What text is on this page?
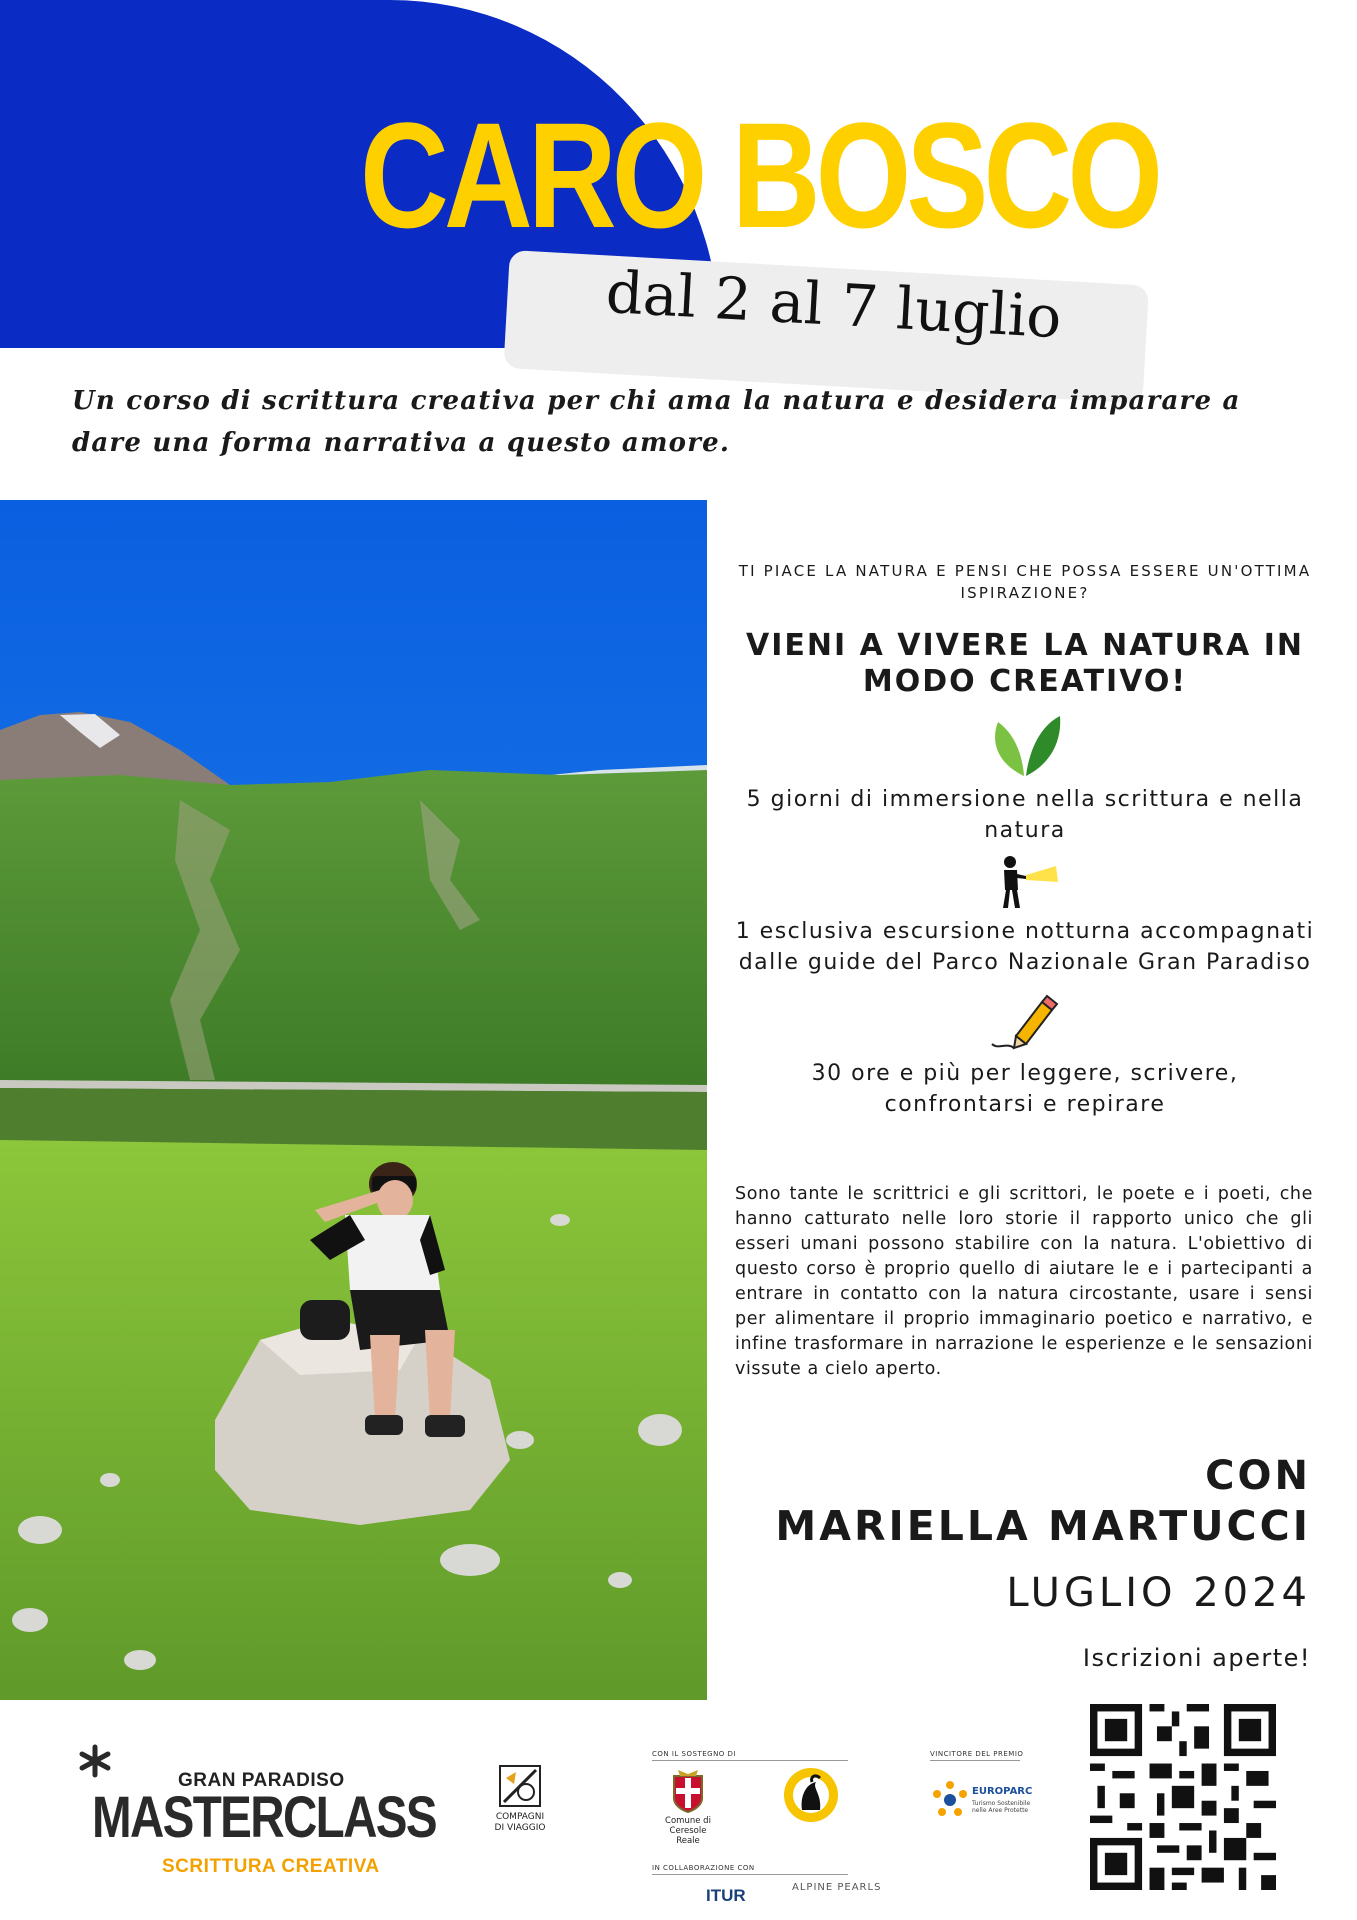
CARO BOSCO
dal 2 al 7 luglio

Un corso di scrittura creativa per chi ama la natura e desidera imparare a dare una forma narrativa a questo amore.

TI PIACE LA NATURA E PENSI CHE POSSA ESSERE UN'OTTIMA ISPIRAZIONE?

VIENI A VIVERE LA NATURA IN MODO CREATIVO!

5 giorni di immersione nella scrittura e nella natura

1 esclusiva escursione notturna accompagnati dalle guide del Parco Nazionale Gran Paradiso

30 ore e più per leggere, scrivere, confrontarsi e repirare

Sono tante le scrittrici e gli scrittori, le poete e i poeti, che hanno catturato nelle loro storie il rapporto unico che gli esseri umani possono stabilire con la natura. L'obiettivo di questo corso è proprio quello di aiutare le e i partecipanti a entrare in contatto con la natura circostante, usare i sensi per alimentare il proprio immaginario poetico e narrativo, e infine trasformare in narrazione le esperienze e le sensazioni vissute a cielo aperto.

CON
MARIELLA MARTUCCI
LUGLIO 2024
Iscrizioni aperte!
GRAN PARADISO
MASTERCLASS
SCRITTURA CREATIVA
COMPAGNI DI VIAGGIO
CON IL SOSTEGNO DI
Comune di Ceresole Reale
IN COLLABORAZIONE CON
ITUR	ALPINE PEARLS
VINCITORE DEL PREMIO
EUROPARC
Turismo Sostenibile nelle Aree Protette
